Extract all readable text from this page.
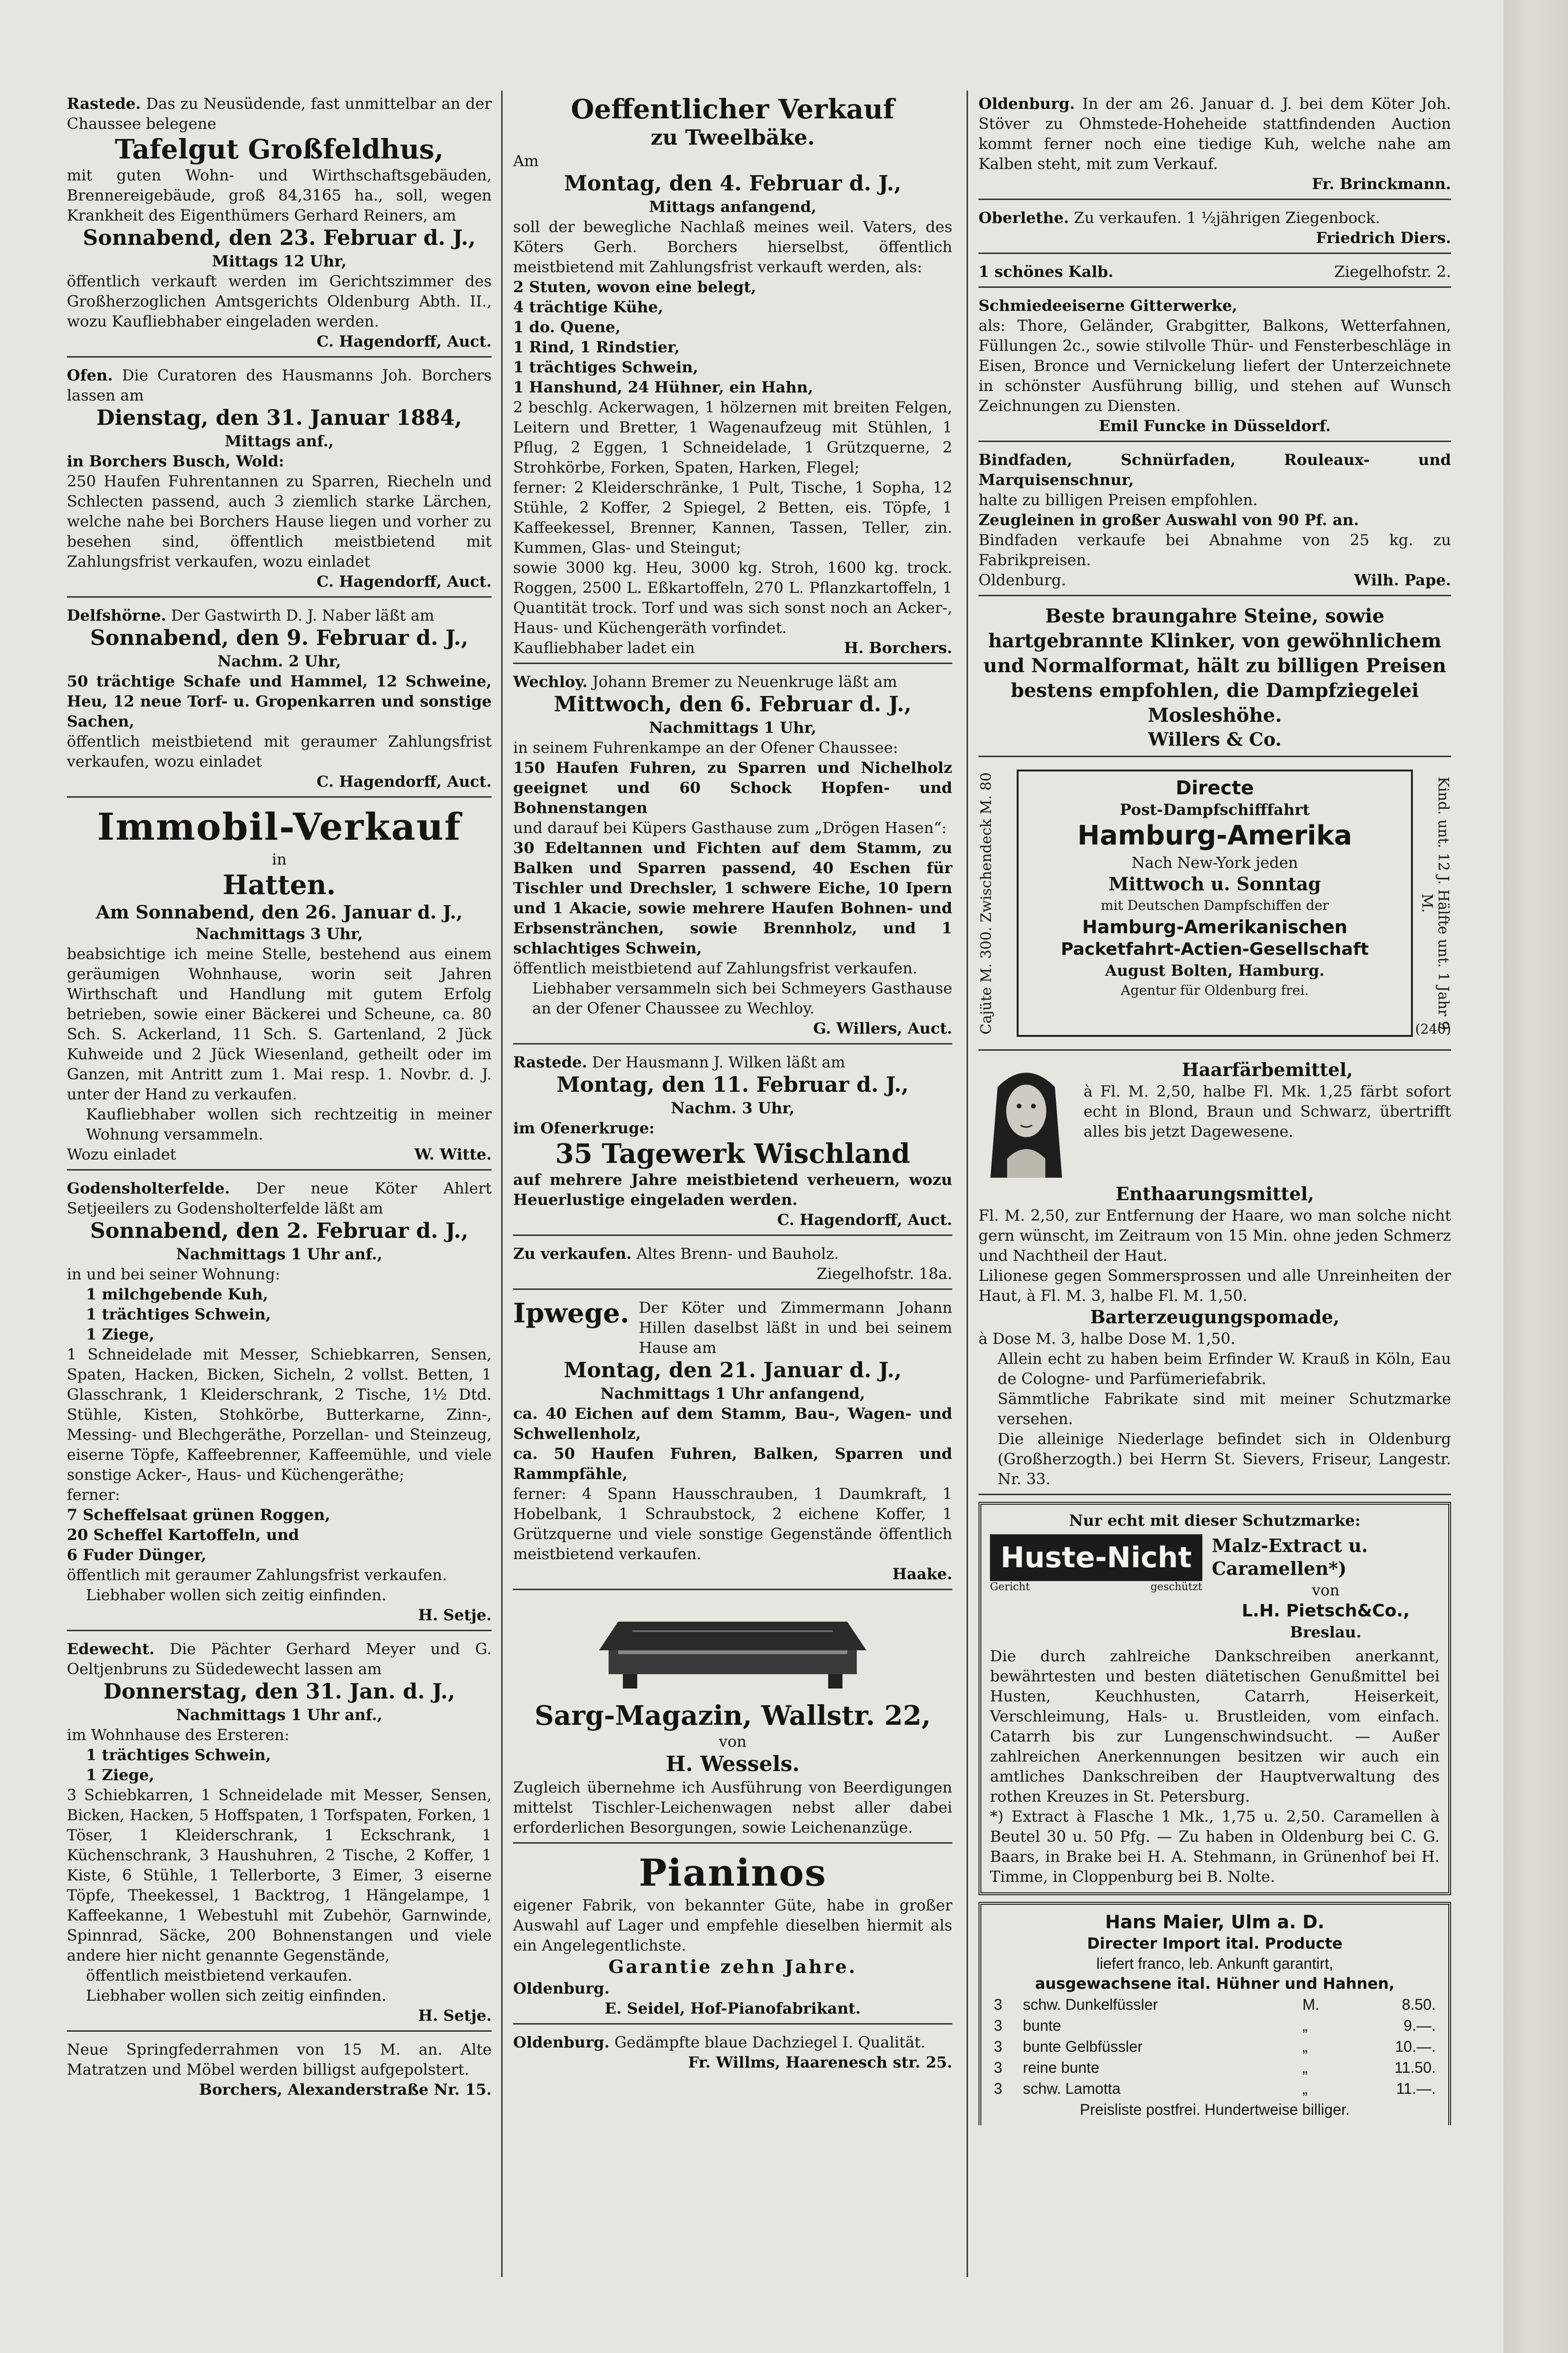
Rastede. Das zu Neusüdende, fast unmittelbar an der Chaussee belegene

Tafelgut Großfeldhus,

mit guten Wohn- und Wirthschaftsgebäuden, Brennereigebäude, groß 84,3165 ha., soll, wegen Krankheit des Eigenthümers Gerhard Reiners, am

Sonnabend, den 23. Februar d. J.,
Mittags 12 Uhr,

öffentlich verkauft werden im Gerichtszimmer des Großherzoglichen Amtsgerichts Oldenburg Abth. II., wozu Kaufliebhaber eingeladen werden.

C. Hagendorff, Auct.

Ofen. Die Curatoren des Hausmanns Joh. Borchers lassen am

Dienstag, den 31. Januar 1884,
Mittags anf.,
in Borchers Busch, Wold:

250 Haufen Fuhrentannen zu Sparren, Riecheln und Schlecten passend, auch 3 ziemlich starke Lärchen, welche nahe bei Borchers Hause liegen und vorher zu besehen sind, öffentlich meistbietend mit Zahlungsfrist verkaufen, wozu einladet

C. Hagendorff, Auct.

Delfshörne. Der Gastwirth D. J. Naber läßt am

Sonnabend, den 9. Februar d. J.,
Nachm. 2 Uhr,

50 trächtige Schafe und Hammel, 12 Schweine, Heu, 12 neue Torf- u. Gropenkarren und sonstige Sachen,

öffentlich meistbietend mit geraumer Zahlungsfrist verkaufen, wozu einladet

C. Hagendorff, Auct.
Immobil-Verkauf
in
Hatten.
Am Sonnabend, den 26. Januar d. J.,
Nachmittags 3 Uhr,

beabsichtige ich meine Stelle, bestehend aus einem geräumigen Wohnhause, worin seit Jahren Wirthschaft und Handlung mit gutem Erfolg betrieben, sowie einer Bäckerei und Scheune, ca. 80 Sch. S. Ackerland, 11 Sch. S. Gartenland, 2 Jück Kuhweide und 2 Jück Wiesenland, getheilt oder im Ganzen, mit Antritt zum 1. Mai resp. 1. Novbr. d. J. unter der Hand zu verkaufen.

Kaufliebhaber wollen sich rechtzeitig in meiner Wohnung versammeln.

Wozu einladet	W. Witte.

Godensholterfelde. Der neue Köter Ahlert Setjeeilers zu Godensholterfelde läßt am

Sonnabend, den 2. Februar d. J.,
Nachmittags 1 Uhr anf.,
in und bei seiner Wohnung:
1 milchgebende Kuh,
1 trächtiges Schwein,
1 Ziege,

1 Schneidelade mit Messer, Schiebkarren, Sensen, Spaten, Hacken, Bicken, Sicheln, 2 vollst. Betten, 1 Glasschrank, 1 Kleiderschrank, 2 Tische, 1½ Dtd. Stühle, Kisten, Stohkörbe, Butterkarne, Zinn-, Messing- und Blechgeräthe, Porzellan- und Steinzeug, eiserne Töpfe, Kaffeebrenner, Kaffeemühle, und viele sonstige Acker-, Haus- und Küchengeräthe;

ferner:
7 Scheffelsaat grünen Roggen,
20 Scheffel Kartoffeln, und
6 Fuder Dünger,

öffentlich mit geraumer Zahlungsfrist verkaufen.

Liebhaber wollen sich zeitig einfinden.

H. Setje.

Edewecht. Die Pächter Gerhard Meyer und G. Oeltjenbruns zu Südedewecht lassen am

Donnerstag, den 31. Jan. d. J.,
Nachmittags 1 Uhr anf.,
im Wohnhause des Ersteren:
1 trächtiges Schwein,
1 Ziege,

3 Schiebkarren, 1 Schneidelade mit Messer, Sensen, Bicken, Hacken, 5 Hoffspaten, 1 Torfspaten, Forken, 1 Töser, 1 Kleiderschrank, 1 Eckschrank, 1 Küchenschrank, 3 Haushuhren, 2 Tische, 2 Koffer, 1 Kiste, 6 Stühle, 1 Tellerborte, 3 Eimer, 3 eiserne Töpfe, Theekessel, 1 Backtrog, 1 Hängelampe, 1 Kaffeekanne, 1 Webestuhl mit Zubehör, Garnwinde, Spinnrad, Säcke, 200 Bohnenstangen und viele andere hier nicht genannte Gegenstände,

öffentlich meistbietend verkaufen.

Liebhaber wollen sich zeitig einfinden.

H. Setje.

Neue Springfederrahmen von 15 M. an. Alte Matratzen und Möbel werden billigst aufgepolstert.

Borchers, Alexanderstraße Nr. 15.
Oeffentlicher Verkauf
zu Tweelbäke.
Am
Montag, den 4. Februar d. J.,
Mittags anfangend,

soll der bewegliche Nachlaß meines weil. Vaters, des Köters Gerh. Borchers hierselbst, öffentlich meistbietend mit Zahlungsfrist verkauft werden, als:

2 Stuten, wovon eine belegt,
4 trächtige Kühe,
1 do. Quene,
1 Rind, 1 Rindstier,
1 trächtiges Schwein,
1 Hanshund, 24 Hühner, ein Hahn,

2 beschlg. Ackerwagen, 1 hölzernen mit breiten Felgen, Leitern und Bretter, 1 Wagenaufzeug mit Stühlen, 1 Pflug, 2 Eggen, 1 Schneidelade, 1 Grützquerne, 2 Strohkörbe, Forken, Spaten, Harken, Flegel;

ferner: 2 Kleiderschränke, 1 Pult, Tische, 1 Sopha, 12 Stühle, 2 Koffer, 2 Spiegel, 2 Betten, eis. Töpfe, 1 Kaffeekessel, Brenner, Kannen, Tassen, Teller, zin. Kummen, Glas- und Steingut;

sowie 3000 kg. Heu, 3000 kg. Stroh, 1600 kg. trock. Roggen, 2500 L. Eßkartoffeln, 270 L. Pflanzkartoffeln, 1 Quantität trock. Torf und was sich sonst noch an Acker-, Haus- und Küchengeräth vorfindet.

Kaufliebhaber ladet ein	H. Borchers.

Wechloy. Johann Bremer zu Neuenkruge läßt am

Mittwoch, den 6. Februar d. J.,
Nachmittags 1 Uhr,

in seinem Fuhrenkampe an der Ofener Chaussee:

150 Haufen Fuhren, zu Sparren und Nichelholz geeignet und 60 Schock Hopfen- und Bohnenstangen

und darauf bei Küpers Gasthause zum „Drögen Hasen“:

30 Edeltannen und Fichten auf dem Stamm, zu Balken und Sparren passend, 40 Eschen für Tischler und Drechsler, 1 schwere Eiche, 10 Ipern und 1 Akacie, sowie mehrere Haufen Bohnen- und Erbsenstränchen, sowie Brennholz, und 1 schlachtiges Schwein,

öffentlich meistbietend auf Zahlungsfrist verkaufen.

Liebhaber versammeln sich bei Schmeyers Gasthause an der Ofener Chaussee zu Wechloy.

G. Willers, Auct.

Rastede. Der Hausmann J. Wilken läßt am

Montag, den 11. Februar d. J.,
Nachm. 3 Uhr,
im Ofenerkruge:
35 Tagewerk Wischland

auf mehrere Jahre meistbietend verheuern, wozu Heuerlustige eingeladen werden.

C. Hagendorff, Auct.

Zu verkaufen. Altes Brenn- und Bauholz.

Ziegelhofstr. 18a.
Ipwege. Der Köter und Zimmermann Johann Hillen daselbst läßt in und bei seinem Hause am

Montag, den 21. Januar d. J.,
Nachmittags 1 Uhr anfangend,

ca. 40 Eichen auf dem Stamm, Bau-, Wagen- und Schwellenholz,

ca. 50 Haufen Fuhren, Balken, Sparren und Rammpfähle,

ferner: 4 Spann Hausschrauben, 1 Daumkraft, 1 Hobelbank, 1 Schraubstock, 2 eichene Koffer, 1 Grützquerne und viele sonstige Gegenstände öffentlich meistbietend verkaufen.

Haake.
Sarg-Magazin, Wallstr. 22,
von
H. Wessels.

Zugleich übernehme ich Ausführung von Beerdigungen mittelst Tischler-Leichenwagen nebst aller dabei erforderlichen Besorgungen, sowie Leichenanzüge.

Pianinos

eigener Fabrik, von bekannter Güte, habe in großer Auswahl auf Lager und empfehle dieselben hiermit als ein Angelegentlichste.

Garantie zehn Jahre.
Oldenburg.
E. Seidel, Hof-Pianofabrikant.

Oldenburg. Gedämpfte blaue Dachziegel I. Qualität.

Fr. Willms, Haarenesch str. 25.

Oldenburg. In der am 26. Januar d. J. bei dem Köter Joh. Stöver zu Ohmstede-Hoheheide stattfindenden Auction kommt ferner noch eine tiedige Kuh, welche nahe am Kalben steht, mit zum Verkauf.

Fr. Brinckmann.

Oberlethe. Zu verkaufen. 1 ½jährigen Ziegenbock.

Friedrich Diers.
1 schönes Kalb.	Ziegelhofstr. 2.
Schmiedeeiserne Gitterwerke,

als: Thore, Geländer, Grabgitter, Balkons, Wetterfahnen, Füllungen 2c., sowie stilvolle Thür- und Fensterbeschläge in Eisen, Bronce und Vernickelung liefert der Unterzeichnete in schönster Ausführung billig, und stehen auf Wunsch Zeichnungen zu Diensten.

Emil Funcke in Düsseldorf.
Bindfaden, Schnürfaden, Rouleaux- und Marquisenschnur,

halte zu billigen Preisen empfohlen.

Zeugleinen in großer Auswahl von 90 Pf. an.

Bindfaden verkaufe bei Abnahme von 25 kg. zu Fabrikpreisen.

Oldenburg.	Wilh. Pape.
Beste braungahre Steine, sowie hartgebrannte Klinker, von gewöhnlichem und Normalformat, hält zu billigen Preisen bestens empfohlen, die Dampfziegelei Mosleshöhe.
Willers & Co.
Cajüte M. 300. Zwischendeck M. 80	Directe
Post-Dampfschifffahrt
Hamburg-Amerika
Nach New-York jeden
Mittwoch u. Sonntag
mit Deutschen Dampfschiffen der
Hamburg-Amerikanischen
Packetfahrt-Actien-Gesellschaft
August Bolten, Hamburg.
Agentur für Oldenburg frei.	Kind. unt. 12 J. Hälfte unt. 1 Jahr 9 M.
(240)
Haarfärbemittel,

à Fl. M. 2,50, halbe Fl. Mk. 1,25 färbt sofort echt in Blond, Braun und Schwarz, übertrifft alles bis jetzt Dagewesene.

Enthaarungsmittel,

Fl. M. 2,50, zur Entfernung der Haare, wo man solche nicht gern wünscht, im Zeitraum von 15 Min. ohne jeden Schmerz und Nachtheil der Haut.

Lilionese gegen Sommersprossen und alle Unreinheiten der Haut, à Fl. M. 3, halbe Fl. M. 1,50.

Barterzeugungspomade,

à Dose M. 3, halbe Dose M. 1,50.

Allein echt zu haben beim Erfinder W. Krauß in Köln, Eau de Cologne- und Parfümeriefabrik.

Sämmtliche Fabrikate sind mit meiner Schutzmarke versehen.

Die alleinige Niederlage befindet sich in Oldenburg (Großherzogth.) bei Herrn St. Sievers, Friseur, Langestr. Nr. 33.

Nur echt mit dieser Schutzmarke:
Huste-Nicht
Gericht	geschützt
Malz-Extract u. Caramellen*)
von
L.H. Pietsch&Co.,
Breslau.

Die durch zahlreiche Dankschreiben anerkannt, bewährtesten und besten diätetischen Genußmittel bei Husten, Keuchhusten, Catarrh, Heiserkeit, Verschleimung, Hals- u. Brustleiden, vom einfach. Catarrh bis zur Lungenschwindsucht. — Außer zahlreichen Anerkennungen besitzen wir auch ein amtliches Dankschreiben der Hauptverwaltung des rothen Kreuzes in St. Petersburg.

*) Extract à Flasche 1 Mk., 1,75 u. 2,50. Caramellen à Beutel 30 u. 50 Pfg. — Zu haben in Oldenburg bei C. G. Baars, in Brake bei H. A. Stehmann, in Grünenhof bei H. Timme, in Cloppenburg bei B. Nolte.

Hans Maier, Ulm a. D.
Directer Import ital. Producte
liefert franco, leb. Ankunft garantirt,
ausgewachsene ital. Hühner und Hahnen,
3	schw. Dunkelfüssler	M.	8.50.
3	bunte	„	9.—.
3	bunte Gelbfüssler	„	10.—.
3	reine bunte	„	11.50.
3	schw. Lamotta	„	11.—.
Preisliste postfrei. Hundertweise billiger.
